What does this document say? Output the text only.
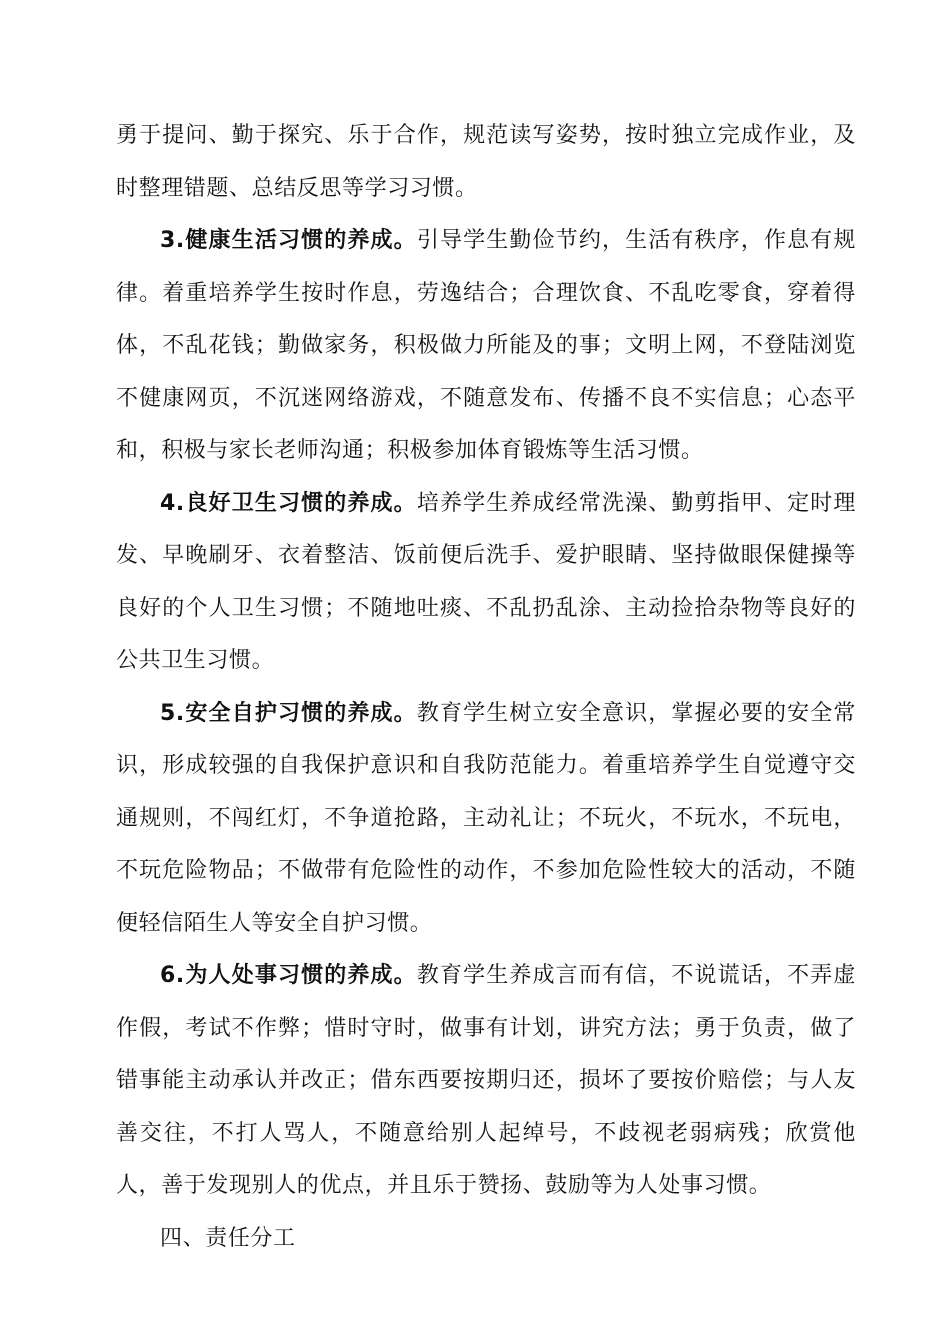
勇于提问、勤于探究、乐于合作，规范读写姿势，按时独立完成作业，及时整理错题、总结反思等学习习惯。

3.健康生活习惯的养成。引导学生勤俭节约，生活有秩序，作息有规律。着重培养学生按时作息，劳逸结合；合理饮食、不乱吃零食，穿着得体，不乱花钱；勤做家务，积极做力所能及的事；文明上网，不登陆浏览不健康网页，不沉迷网络游戏，不随意发布、传播不良不实信息；心态平和，积极与家长老师沟通；积极参加体育锻炼等生活习惯。

4.良好卫生习惯的养成。培养学生养成经常洗澡、勤剪指甲、定时理发、早晚刷牙、衣着整洁、饭前便后洗手、爱护眼睛、坚持做眼保健操等良好的个人卫生习惯；不随地吐痰、不乱扔乱涂、主动捡拾杂物等良好的公共卫生习惯。

5.安全自护习惯的养成。教育学生树立安全意识，掌握必要的安全常识，形成较强的自我保护意识和自我防范能力。着重培养学生自觉遵守交通规则，不闯红灯，不争道抢路，主动礼让；不玩火，不玩水，不玩电，不玩危险物品；不做带有危险性的动作，不参加危险性较大的活动，不随便轻信陌生人等安全自护习惯。

6.为人处事习惯的养成。教育学生养成言而有信，不说谎话，不弄虚作假，考试不作弊；惜时守时，做事有计划，讲究方法；勇于负责，做了错事能主动承认并改正；借东西要按期归还，损坏了要按价赔偿；与人友善交往，不打人骂人，不随意给别人起绰号，不歧视老弱病残；欣赏他人，善于发现别人的优点，并且乐于赞扬、鼓励等为人处事习惯。

四、责任分工
